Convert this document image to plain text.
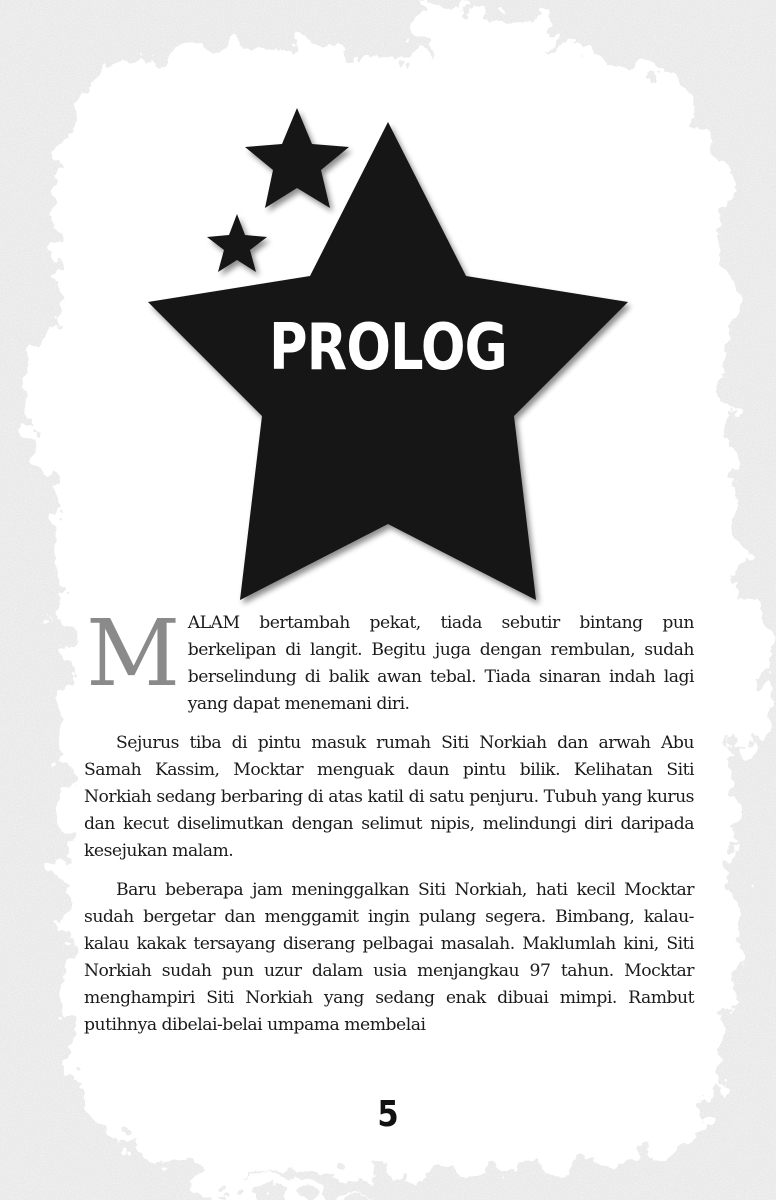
PROLOG

MALAM bertambah pekat, tiada sebutir bintang pun berkelipan di langit. Begitu juga dengan rembulan, sudah berselindung di balik awan tebal. Tiada sinaran indah lagi yang dapat menemani diri.

Sejurus tiba di pintu masuk rumah Siti Norkiah dan arwah Abu Samah Kassim, Mocktar menguak daun pintu bilik. Kelihatan Siti Norkiah sedang berbaring di atas katil di satu penjuru. Tubuh yang kurus dan kecut diselimutkan dengan selimut nipis, melindungi diri daripada kesejukan malam.

Baru beberapa jam meninggalkan Siti Norkiah, hati kecil Mocktar sudah bergetar dan menggamit ingin pulang segera. Bimbang, kalau-kalau kakak tersayang diserang pelbagai masalah. Maklumlah kini, Siti Norkiah sudah pun uzur dalam usia menjangkau 97 tahun. Mocktar menghampiri Siti Norkiah yang sedang enak dibuai mimpi. Rambut putihnya dibelai-belai umpama membelai

5
